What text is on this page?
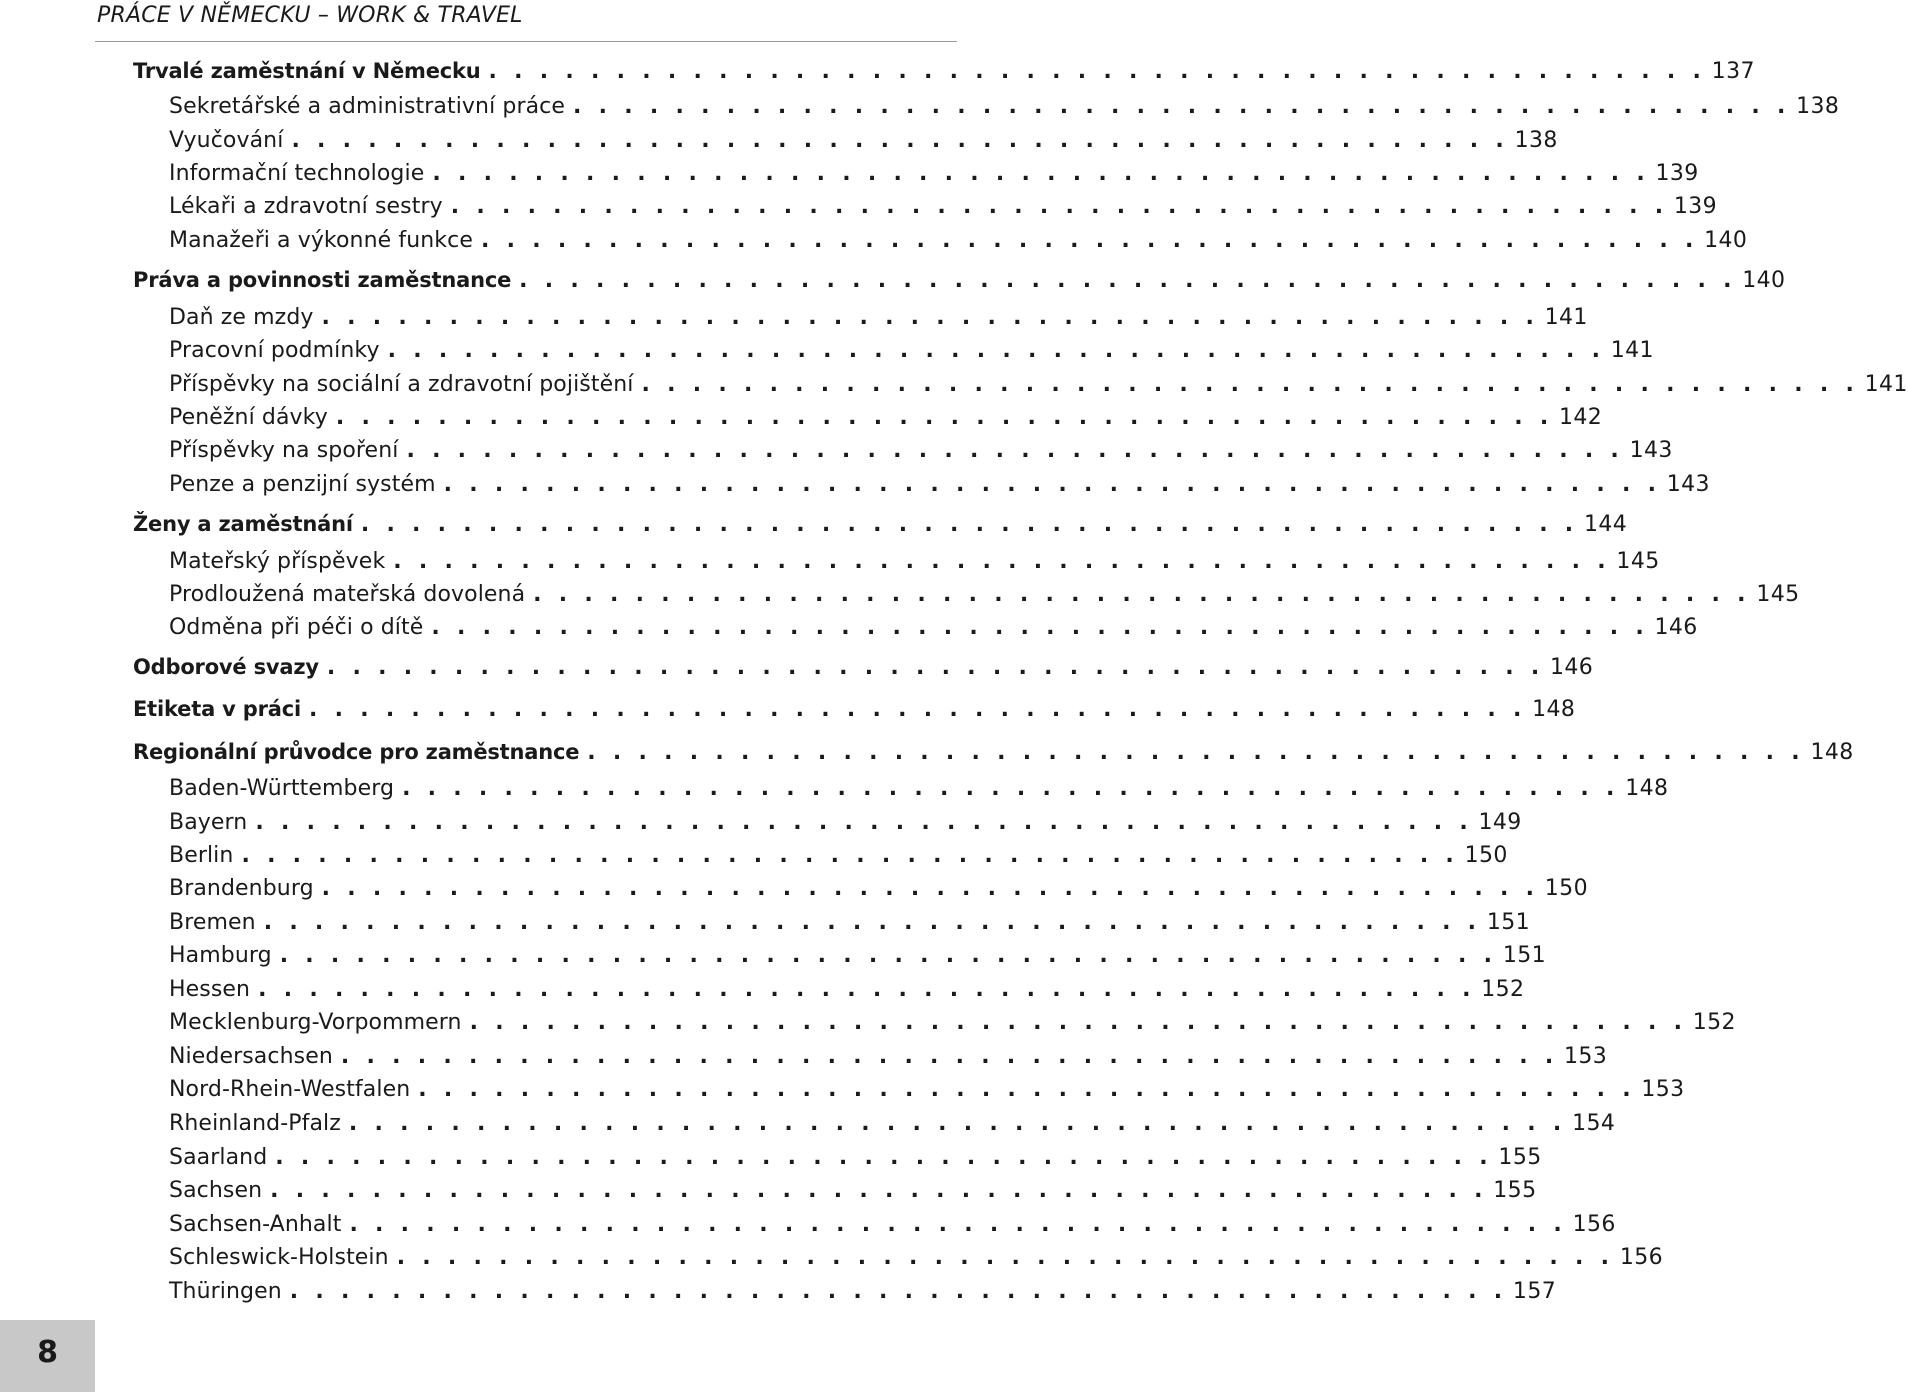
PRÁCE V NĚMECKU – WORK & TRAVEL
Trvalé zaměstnání v Německu . . . . . . . . . . . . . . . . . . . . . . . . . . . . . . . . . . . . . . . . . . . . . . . . 137
Sekretářské a administrativní práce . . . . . . . . . . . . . . . . . . . . . . . . . . . . . . . . . . . . . . . . . . . . . . . . 138
Vyučování . . . . . . . . . . . . . . . . . . . . . . . . . . . . . . . . . . . . . . . . . . . . . . . . 138
Informační technologie . . . . . . . . . . . . . . . . . . . . . . . . . . . . . . . . . . . . . . . . . . . . . . . . 139
Lékaři a zdravotní sestry . . . . . . . . . . . . . . . . . . . . . . . . . . . . . . . . . . . . . . . . . . . . . . . . 139
Manažeři a výkonné funkce . . . . . . . . . . . . . . . . . . . . . . . . . . . . . . . . . . . . . . . . . . . . . . . . 140
Práva a povinnosti zaměstnance . . . . . . . . . . . . . . . . . . . . . . . . . . . . . . . . . . . . . . . . . . . . . . . . 140
Daň ze mzdy . . . . . . . . . . . . . . . . . . . . . . . . . . . . . . . . . . . . . . . . . . . . . . . . 141
Pracovní podmínky . . . . . . . . . . . . . . . . . . . . . . . . . . . . . . . . . . . . . . . . . . . . . . . . 141
Příspěvky na sociální a zdravotní pojištění . . . . . . . . . . . . . . . . . . . . . . . . . . . . . . . . . . . . . . . . . . . . . . . . 141
Peněžní dávky . . . . . . . . . . . . . . . . . . . . . . . . . . . . . . . . . . . . . . . . . . . . . . . . 142
Příspěvky na spoření . . . . . . . . . . . . . . . . . . . . . . . . . . . . . . . . . . . . . . . . . . . . . . . . 143
Penze a penzijní systém . . . . . . . . . . . . . . . . . . . . . . . . . . . . . . . . . . . . . . . . . . . . . . . . 143
Ženy a zaměstnání . . . . . . . . . . . . . . . . . . . . . . . . . . . . . . . . . . . . . . . . . . . . . . . . 144
Mateřský příspěvek . . . . . . . . . . . . . . . . . . . . . . . . . . . . . . . . . . . . . . . . . . . . . . . . 145
Prodloužená mateřská dovolená . . . . . . . . . . . . . . . . . . . . . . . . . . . . . . . . . . . . . . . . . . . . . . . . 145
Odměna při péči o dítě . . . . . . . . . . . . . . . . . . . . . . . . . . . . . . . . . . . . . . . . . . . . . . . . 146
Odborové svazy . . . . . . . . . . . . . . . . . . . . . . . . . . . . . . . . . . . . . . . . . . . . . . . . 146
Etiketa v práci . . . . . . . . . . . . . . . . . . . . . . . . . . . . . . . . . . . . . . . . . . . . . . . . 148
Regionální průvodce pro zaměstnance . . . . . . . . . . . . . . . . . . . . . . . . . . . . . . . . . . . . . . . . . . . . . . . . 148
Baden-Württemberg . . . . . . . . . . . . . . . . . . . . . . . . . . . . . . . . . . . . . . . . . . . . . . . . 148
Bayern . . . . . . . . . . . . . . . . . . . . . . . . . . . . . . . . . . . . . . . . . . . . . . . . 149
Berlin . . . . . . . . . . . . . . . . . . . . . . . . . . . . . . . . . . . . . . . . . . . . . . . . 150
Brandenburg . . . . . . . . . . . . . . . . . . . . . . . . . . . . . . . . . . . . . . . . . . . . . . . . 150
Bremen . . . . . . . . . . . . . . . . . . . . . . . . . . . . . . . . . . . . . . . . . . . . . . . . 151
Hamburg . . . . . . . . . . . . . . . . . . . . . . . . . . . . . . . . . . . . . . . . . . . . . . . . 151
Hessen . . . . . . . . . . . . . . . . . . . . . . . . . . . . . . . . . . . . . . . . . . . . . . . . 152
Mecklenburg-Vorpommern . . . . . . . . . . . . . . . . . . . . . . . . . . . . . . . . . . . . . . . . . . . . . . . . 152
Niedersachsen . . . . . . . . . . . . . . . . . . . . . . . . . . . . . . . . . . . . . . . . . . . . . . . . 153
Nord-Rhein-Westfalen . . . . . . . . . . . . . . . . . . . . . . . . . . . . . . . . . . . . . . . . . . . . . . . . 153
Rheinland-Pfalz . . . . . . . . . . . . . . . . . . . . . . . . . . . . . . . . . . . . . . . . . . . . . . . . 154
Saarland . . . . . . . . . . . . . . . . . . . . . . . . . . . . . . . . . . . . . . . . . . . . . . . . 155
Sachsen . . . . . . . . . . . . . . . . . . . . . . . . . . . . . . . . . . . . . . . . . . . . . . . . 155
Sachsen-Anhalt . . . . . . . . . . . . . . . . . . . . . . . . . . . . . . . . . . . . . . . . . . . . . . . . 156
Schleswick-Holstein . . . . . . . . . . . . . . . . . . . . . . . . . . . . . . . . . . . . . . . . . . . . . . . . 156
Thüringen . . . . . . . . . . . . . . . . . . . . . . . . . . . . . . . . . . . . . . . . . . . . . . . . 157
8
